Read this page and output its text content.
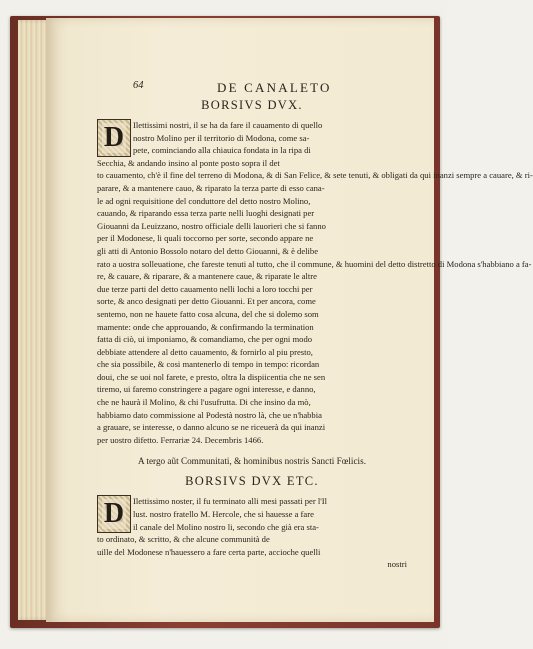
64	DE CANALETO
BORSIVS DVX.
D	Ilettissimi nostri, il se ha da fare il cauamento di quello
nostro Molino per il territorio di Modona, come sa-
pete, cominciando alla chiauica fondata in la ripa di
Secchia, & andando insino al ponte posto sopra il det
to cauamento, ch'è il fine del terreno di Modona, & di San Felice, & sete tenuti, & obligati da qui inanzi sempre a cauare, & ri-
parare, & a mantenere cauo, & riparato la terza parte di esso cana-
le ad ogni requisitione del conduttore del detto nostro Molino,
cauando, & riparando essa terza parte nelli luoghi designati per
Giouanni da Leuizzano, nostro officiale delli lauorieri che si fanno
per il Modonese, li quali toccorno per sorte, secondo appare ne
gli atti di Antonio Bossolo notaro del detto Giouanni, & è delibe
rato a uostra solleuatione, che fareste tenuti al tutto, che il commune, & huomini del detto distretto di Modona s'habbiano a fa-
re, & cauare, & riparare, & a mantenere caue, & riparate le altre
due terze parti del detto cauamento nelli lochi a loro tocchi per
sorte, & anco designati per detto Giouanni. Et per ancora, come
sentemo, non ne hauete fatto cosa alcuna, del che si dolemo som
mamente: onde che approuando, & confirmando la termination
fatta di ciò, ui imponiamo, & comandiamo, che per ogni modo
debbiate attendere al detto cauamento, & fornirlo al piu presto,
che sia possibile, & cosi mantenerlo di tempo in tempo: ricordan
doui, che se uoi nol farete, e presto, oltra la dispiicentia che ne sen
tiremo, ui faremo constringere a pagare ogni interesse, e danno,
che ne haurà il Molino, & chi l'usufrutta. Di che insino da mò,
habbiamo dato commissione al Podestà nostro là, che ue n'habbia
a grauare, se interesse, o danno alcuno se ne riceuerà da qui inanzi
per uostro difetto. Ferrariæ 24. Decembris 1466.
A tergo aũt Communitati, & hominibus nostris Sancti Fœlicis.
BORSIVS DVX ETC.
D	Ilettissimo noster, il fu terminato alli mesi passati per l'Il
lust. nostro fratello M. Hercole, che si hauesse a fare
il canale del Molino nostro li, secondo che già era sta-
to ordinato, & scritto, & che alcune communità de
uille del Modonese n'hauessero a fare certa parte, accioche quelli
nostri
